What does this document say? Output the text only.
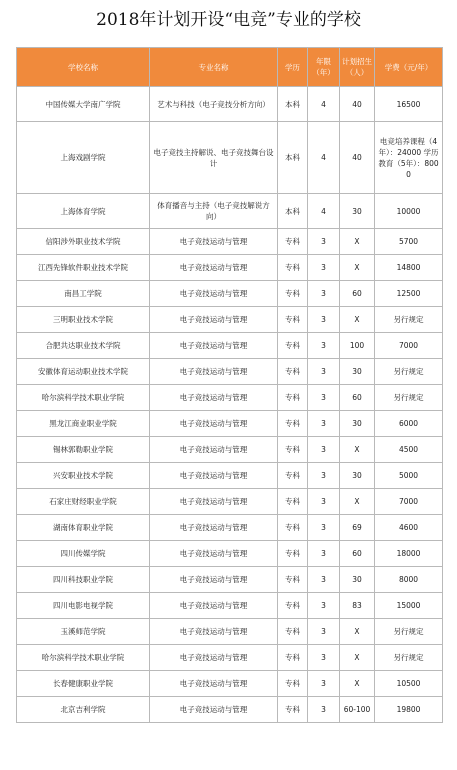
2018年计划开设“电竞”专业的学校
学校名称	专业名称	学历	年限（年）	计划招生（人）	学费（元/年）
中国传媒大学南广学院	艺术与科技（电子竞技分析方向）	本科	4	40	16500
上海戏剧学院	电子竞技主持解说、电子竞技舞台设计	本科	4	40	电竞培养课程（4年）：24000 学历教育（5年）：8000
上海体育学院	体育播音与主持（电子竞技解说方向）	本科	4	30	10000
信阳涉外职业技术学院	电子竞技运动与管理	专科	3	X	5700
江西先锋软件职业技术学院	电子竞技运动与管理	专科	3	X	14800
南昌工学院	电子竞技运动与管理	专科	3	60	12500
三明职业技术学院	电子竞技运动与管理	专科	3	X	另行规定
合肥共达职业技术学院	电子竞技运动与管理	专科	3	100	7000
安徽体育运动职业技术学院	电子竞技运动与管理	专科	3	30	另行规定
哈尔滨科学技术职业学院	电子竞技运动与管理	专科	3	60	另行规定
黑龙江商业职业学院	电子竞技运动与管理	专科	3	30	6000
锡林郭勒职业学院	电子竞技运动与管理	专科	3	X	4500
兴安职业技术学院	电子竞技运动与管理	专科	3	30	5000
石家庄财经职业学院	电子竞技运动与管理	专科	3	X	7000
湖南体育职业学院	电子竞技运动与管理	专科	3	69	4600
四川传媒学院	电子竞技运动与管理	专科	3	60	18000
四川科技职业学院	电子竞技运动与管理	专科	3	30	8000
四川电影电视学院	电子竞技运动与管理	专科	3	83	15000
玉溪师范学院	电子竞技运动与管理	专科	3	X	另行规定
哈尔滨科学技术职业学院	电子竞技运动与管理	专科	3	X	另行规定
长春健康职业学院	电子竞技运动与管理	专科	3	X	10500
北京吉利学院	电子竞技运动与管理	专科	3	60-100	19800
